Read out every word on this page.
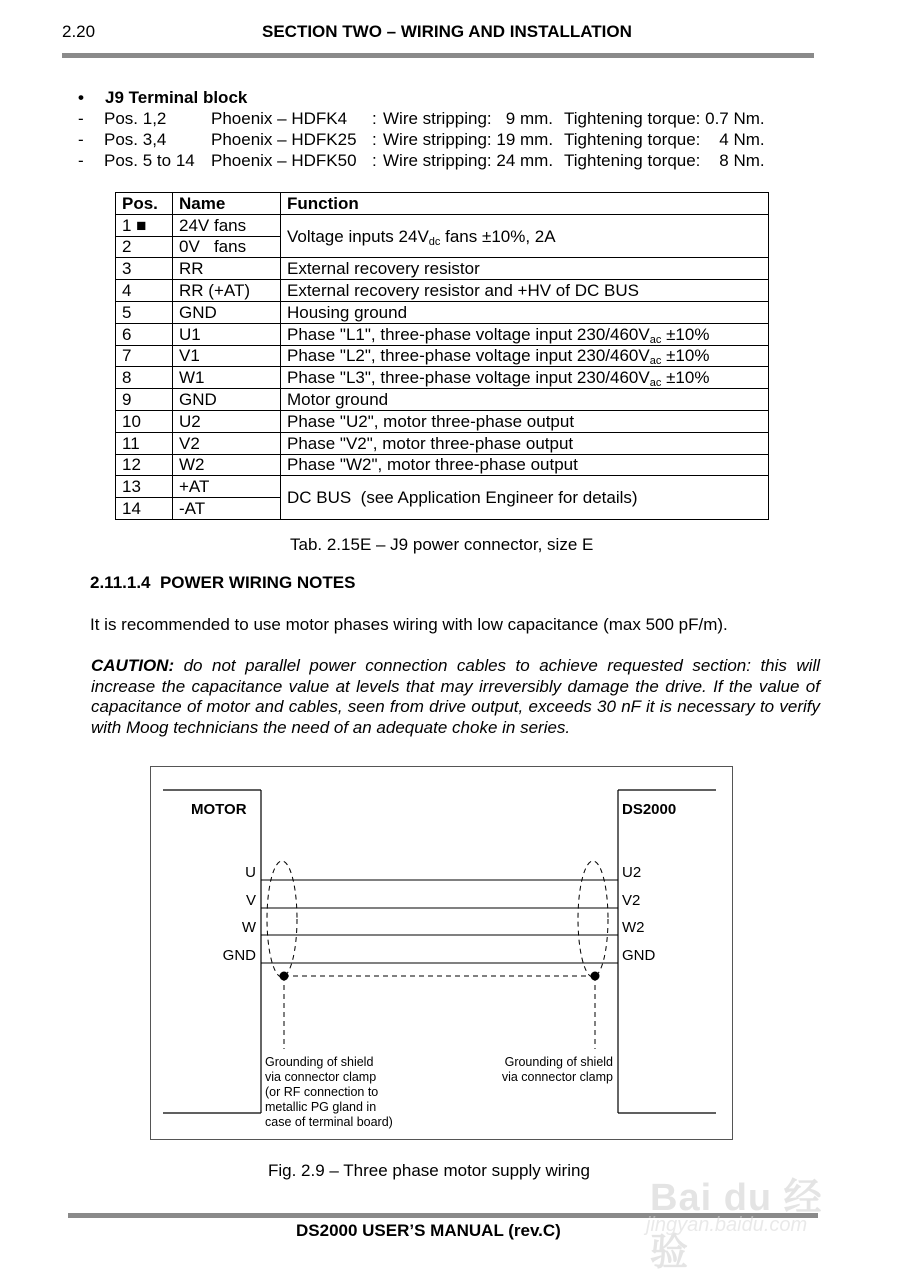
2.20	SECTION TWO – WIRING AND INSTALLATION
• J9 Terminal block
- Pos. 1,2	Phoenix – HDFK4 : Wire stripping:   9 mm. Tightening torque: 0.7 Nm.
- Pos. 3,4	Phoenix – HDFK25 : Wire stripping: 19 mm. Tightening torque:    4 Nm.
- Pos. 5 to 14 Phoenix – HDFK50 : Wire stripping: 24 mm. Tightening torque:    8 Nm.
Pos.	Name	Function
1 ■	24V fans	Voltage inputs $24V_{dc}$ fans ±10%, 2A
2	0V   fans	
3	RR	External recovery resistor
4	RR (+AT)	External recovery resistor and +HV of DC BUS
5	GND	Housing ground
6	U1	Phase "L1", three-phase voltage input $230/460V_{ac} \pm 10\%$
7	V1	Phase "L2", three-phase voltage input $230/460V_{ac} \pm 10\%$
8	W1	Phase "L3", three-phase voltage input $230/460V_{ac} \pm 10\%$
9	GND	Motor ground
10	U2	Phase "U2", motor three-phase output
11	V2	Phase "V2", motor three-phase output
12	W2	Phase "W2", motor three-phase output
13	+AT	DC BUS  (see Application Engineer for details)
14	-AT	
Tab. 2.15E – J9 power connector, size E
2.11.1.4  POWER WIRING NOTES
It is recommended to use motor phases wiring with low capacitance (max 500 pF/m).
CAUTION: do not parallel power connection cables to achieve requested section: this will increase the capacitance value at levels that may irreversibly damage the drive. If the value of capacitance of motor and cables, seen from drive output, exceeds 30 nF it is necessary to verify with Moog technicians the need of an adequate choke in series.
MOTOR	DS2000
U
V
W
GND
U2
V2
W2
GND
Grounding of shield
via connector clamp
(or RF connection to
metallic PG gland in
case of terminal board)
Grounding of shield
via connector clamp
Fig. 2.9 – Three phase motor supply wiring
DS2000 USER’S MANUAL (rev.C)
Bai du 经验
jingyan.baidu.com
